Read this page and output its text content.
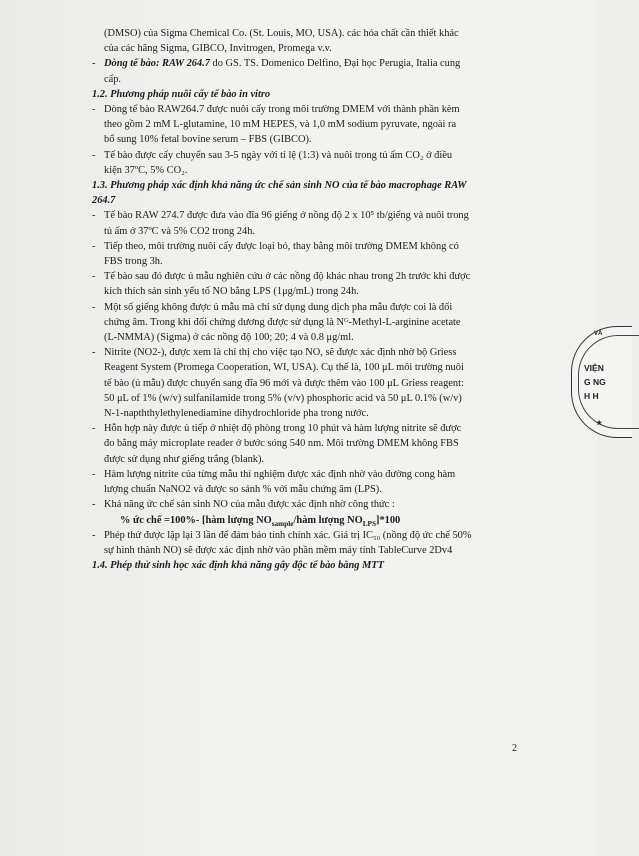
(DMSO) của Sigma Chemical Co. (St. Louis, MO, USA). các hóa chất cần thiết khác

của các hãng Sigma, GIBCO, Invitrogen, Promega v.v.

- Dòng tế bào: RAW 264.7 do GS. TS. Domenico Delfino, Đại học Perugia, Italia cung

cấp.

1.2. Phương pháp nuôi cấy tế bào in vitro

- Dòng tế bào RAW264.7 được nuôi cấy trong môi trường DMEM với thành phần kèm

theo gồm 2 mM L-glutamine, 10 mM HEPES, và 1,0 mM sodium pyruvate, ngoài ra

bổ sung 10% fetal bovine serum – FBS (GIBCO).

- Tế bào được cấy chuyển sau 3-5 ngày với tỉ lệ (1:3) và nuôi trong tủ ấm CO₂ ở điều

kiện 37ºC, 5% CO₂.

1.3. Phương pháp xác định khả năng ức chế sản sinh NO của tế bào macrophage RAW

264.7

- Tế bào RAW 274.7 được đưa vào đĩa 96 giếng ở nồng độ 2 x 10⁵ tb/giếng và nuôi trong

tủ ấm ở 37ºC và 5% CO2 trong 24h.

- Tiếp theo, môi trường nuôi cấy được loại bỏ, thay bằng môi trường DMEM không có

FBS trong 3h.

- Tế bào sau đó được ủ mẫu nghiên cứu ở các nồng độ khác nhau trong 2h trước khi được

kích thích sản sinh yếu tố NO bằng LPS (1μg/mL) trong 24h.

- Một số giếng không được ủ mẫu mà chỉ sử dụng dung dịch pha mẫu được coi là đối

chứng âm. Trong khi đối chứng dương được sử dụng là Nᴳ-Methyl-L-arginine acetate

(L-NMMA) (Sigma) ở các nồng độ 100; 20; 4 và 0.8 μg/ml.

- Nitrite (NO2-), được xem là chỉ thị cho việc tạo NO, sẽ được xác định nhờ bộ Griess

Reagent System (Promega Cooperation, WI, USA). Cụ thể là, 100 μL môi trường nuôi

tế bào (ủ mẫu) được chuyển sang đĩa 96 mới và được thêm vào 100 μL Griess reagent:

50 μL of 1% (w/v) sulfanilamide trong 5% (v/v) phosphoric acid và 50 μL 0.1% (w/v)

N-1-napththylethylenediamine dihydrochloride pha trong nước.

- Hỗn hợp này được ủ tiếp ở nhiệt độ phòng trong 10 phút và hàm lượng nitrite sẽ được

đo bằng máy microplate reader ở bước sóng 540 nm. Môi trường DMEM không FBS

được sử dụng như giếng trắng (blank).

- Hàm lượng nitrite của từng mẫu thí nghiệm được xác định nhờ vào đường cong hàm

lượng chuẩn NaNO2 và được so sánh % với mẫu chứng âm (LPS).

- Khả năng ức chế sản sinh NO của mẫu được xác định nhờ công thức :

% ức chế =100%- [hàm lượng $NO_{sample}$/hàm lượng $NO_{LPS}]*100$

- Phép thử được lặp lại 3 lần để đảm bảo tính chính xác. Giá trị IC₅₀ (nồng độ ức chế 50%

sự hình thành NO) sẽ được xác định nhờ vào phần mềm máy tính TableCurve 2Dv4

1.4. Phép thử sinh học xác định khả năng gây độc tế bào bằng MTT

2
VÀ
VIỆN
G NG
H H
★
